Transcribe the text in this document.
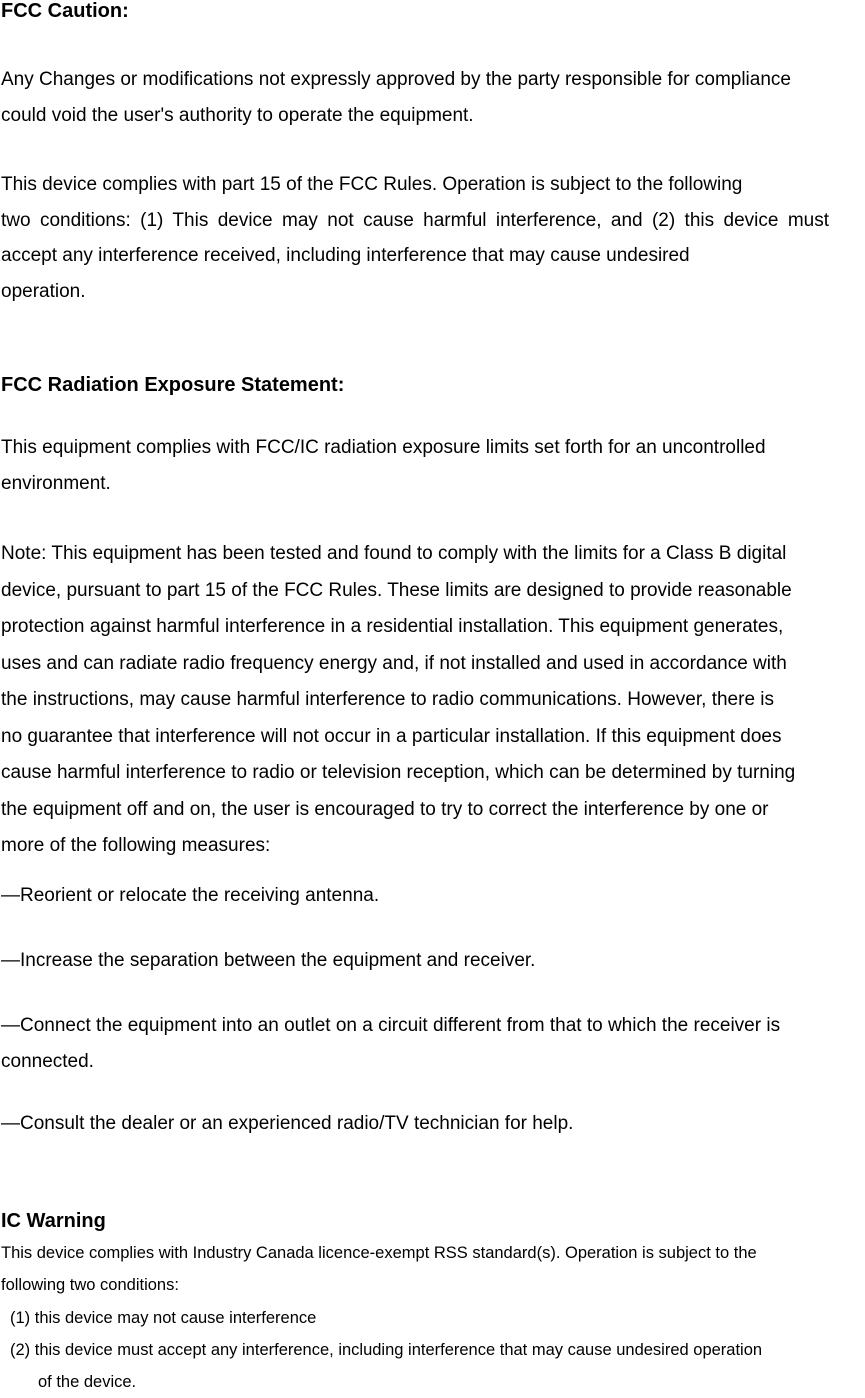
FCC Caution:

Any Changes or modifications not expressly approved by the party responsible for compliance
could void the user's authority to operate the equipment.

This device complies with part 15 of the FCC Rules. Operation is subject to the following
two conditions: (1) This device may not cause harmful interference, and (2) this device must accept any interference received, including interference that may cause undesired
operation.

FCC Radiation Exposure Statement:

This equipment complies with FCC/IC radiation exposure limits set forth for an uncontrolled
environment.

Note: This equipment has been tested and found to comply with the limits for a Class B digital
device, pursuant to part 15 of the FCC Rules. These limits are designed to provide reasonable
protection against harmful interference in a residential installation. This equipment generates,
uses and can radiate radio frequency energy and, if not installed and used in accordance with
the instructions, may cause harmful interference to radio communications. However, there is
no guarantee that interference will not occur in a particular installation. If this equipment does
cause harmful interference to radio or television reception, which can be determined by turning
the equipment off and on, the user is encouraged to try to correct the interference by one or
more of the following measures:

—Reorient or relocate the receiving antenna.

—Increase the separation between the equipment and receiver.

—Connect the equipment into an outlet on a circuit different from that to which the receiver is
connected.

—Consult the dealer or an experienced radio/TV technician for help.

IC Warning

This device complies with Industry Canada licence-exempt RSS standard(s). Operation is subject to the
following two conditions:

(1) this device may not cause interference
(2) this device must accept any interference, including interference that may cause undesired operation
of the device.
